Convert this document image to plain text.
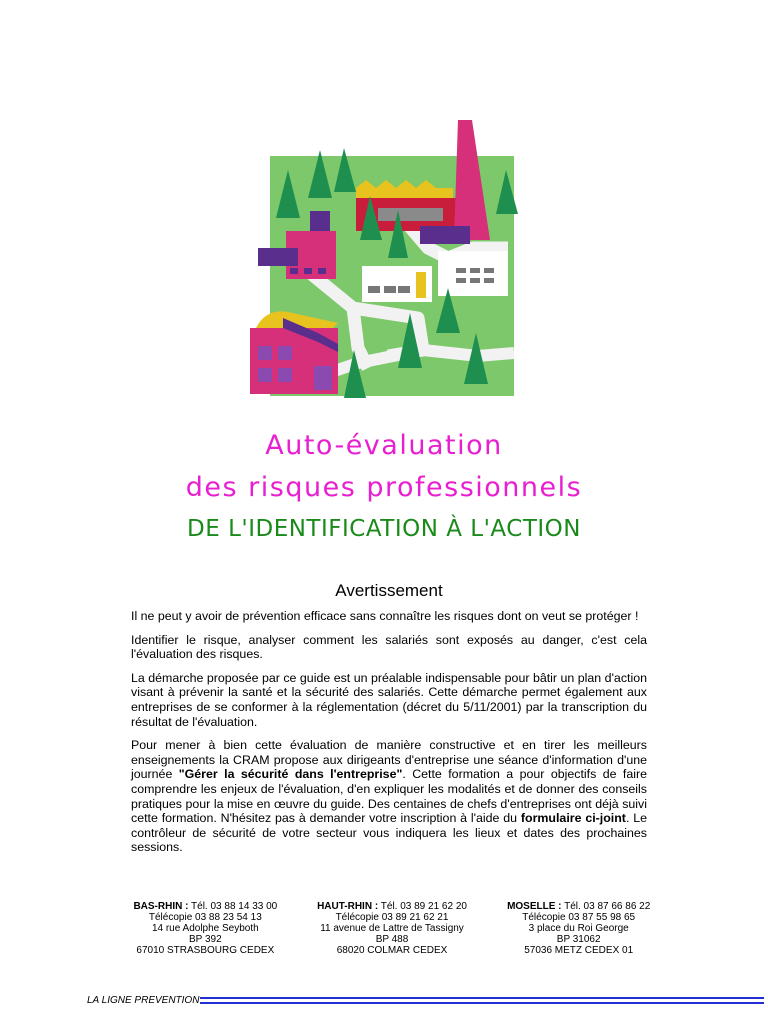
Auto-évaluation
des risques professionnels
DE L'IDENTIFICATION À L'ACTION
Avertissement

Il ne peut y avoir de prévention efficace sans connaître les risques dont on veut se protéger !

Identifier le risque, analyser comment les salariés sont exposés au danger, c'est cela l'évaluation des risques.

La démarche proposée par ce guide est un préalable indispensable pour bâtir un plan d'action visant à prévenir la santé et la sécurité des salariés. Cette démarche permet également aux entreprises de se conformer à la réglementation (décret du 5/11/2001) par la transcription du résultat de l'évaluation.

Pour mener à bien cette évaluation de manière constructive et en tirer les meilleurs enseignements la CRAM propose aux dirigeants d'entreprise une séance d'information d'une journée "Gérer la sécurité dans l'entreprise". Cette formation a pour objectifs de faire comprendre les enjeux de l'évaluation, d'en expliquer les modalités et de donner des conseils pratiques pour la mise en œuvre du guide. Des centaines de chefs d'entreprises ont déjà suivi cette formation. N'hésitez pas à demander votre inscription à l'aide du formulaire ci-joint. Le contrôleur de sécurité de votre secteur vous indiquera les lieux et dates des prochaines sessions.

BAS-RHIN : Tél. 03 88 14 33 00
Télécopie 03 88 23 54 13
14 rue Adolphe Seyboth
BP 392
67010 STRASBOURG CEDEX
HAUT-RHIN : Tél. 03 89 21 62 20
Télécopie 03 89 21 62 21
11 avenue de Lattre de Tassigny
BP 488
68020 COLMAR CEDEX
MOSELLE : Tél. 03 87 66 86 22
Télécopie 03 87 55 98 65
3 place du Roi George
BP 31062
57036 METZ CEDEX 01
LA LIGNE PREVENTION
